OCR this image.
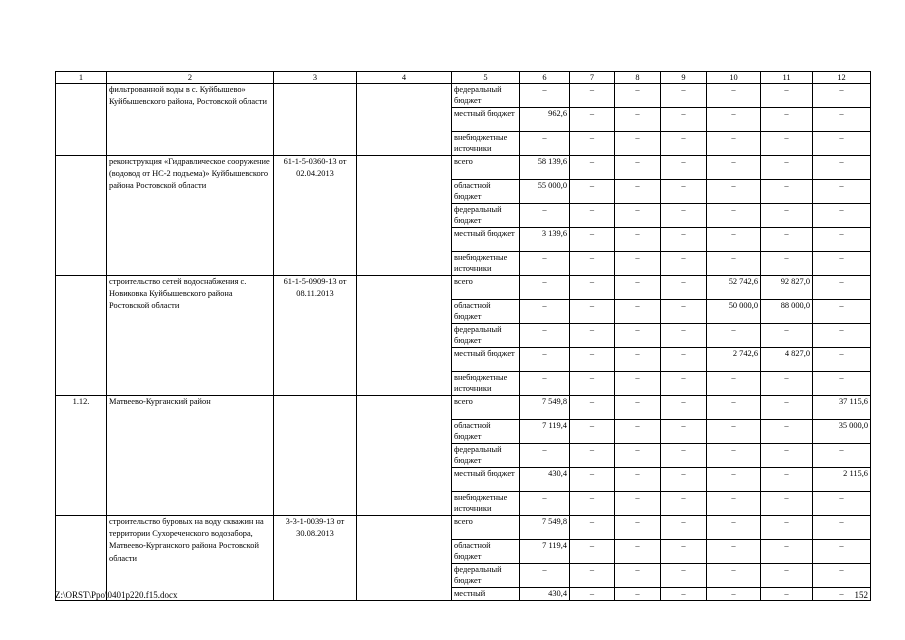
1	2	3	4	5	6	7	8	9	10	11	12
	фильтрованной воды в с. Куйбышево» Куйбышевского района, Ростовской области			федеральный бюджет	–	–	–	–	–	–	–
				местный бюджет	962,6	–	–	–	–	–	–
				внебюджетные источники	–	–	–	–	–	–	–
	реконструкция «Гидравлическое сооружение (водовод от НС-2 подъема)» Куйбышевского района Ростовской области	61-1-5-0360-13 от 02.04.2013		всего	58 139,6	–	–	–	–	–	–
				областной бюджет	55 000,0	–	–	–	–	–	–
				федеральный бюджет	–	–	–	–	–	–	–
				местный бюджет	3 139,6	–	–	–	–	–	–
				внебюджетные источники	–	–	–	–	–	–	–
	строительство сетей водоснабжения с. Новиковка Куйбышевского района Ростовской области	61-1-5-0909-13 от 08.11.2013		всего	–	–	–	–	52 742,6	92 827,0	–
				областной бюджет	–	–	–	–	50 000,0	88 000,0	–
				федеральный бюджет	–	–	–	–	–	–	–
				местный бюджет	–	–	–	–	2 742,6	4 827,0	–
				внебюджетные источники	–	–	–	–	–	–	–
1.12.	Матвеево-Курганский район			всего	7 549,8	–	–	–	–	–	37 115,6
				областной бюджет	7 119,4	–	–	–	–	–	35 000,0
				федеральный бюджет	–	–	–	–	–	–	–
				местный бюджет	430,4	–	–	–	–	–	2 115,6
				внебюджетные источники	–	–	–	–	–	–	–
	строительство буровых на воду скважин на территории Сухореченского водозабора, Матвеево-Курганского района Ростовской области	3-3-1-0039-13 от 30.08.2013		всего	7 549,8	–	–	–	–	–	–
				областной бюджет	7 119,4	–	–	–	–	–	–
				федеральный бюджет	–	–	–	–	–	–	–
				местный	430,4	–	–	–	–	–	–
Z:\ORST\Ppo\0401p220.f15.docx	152
